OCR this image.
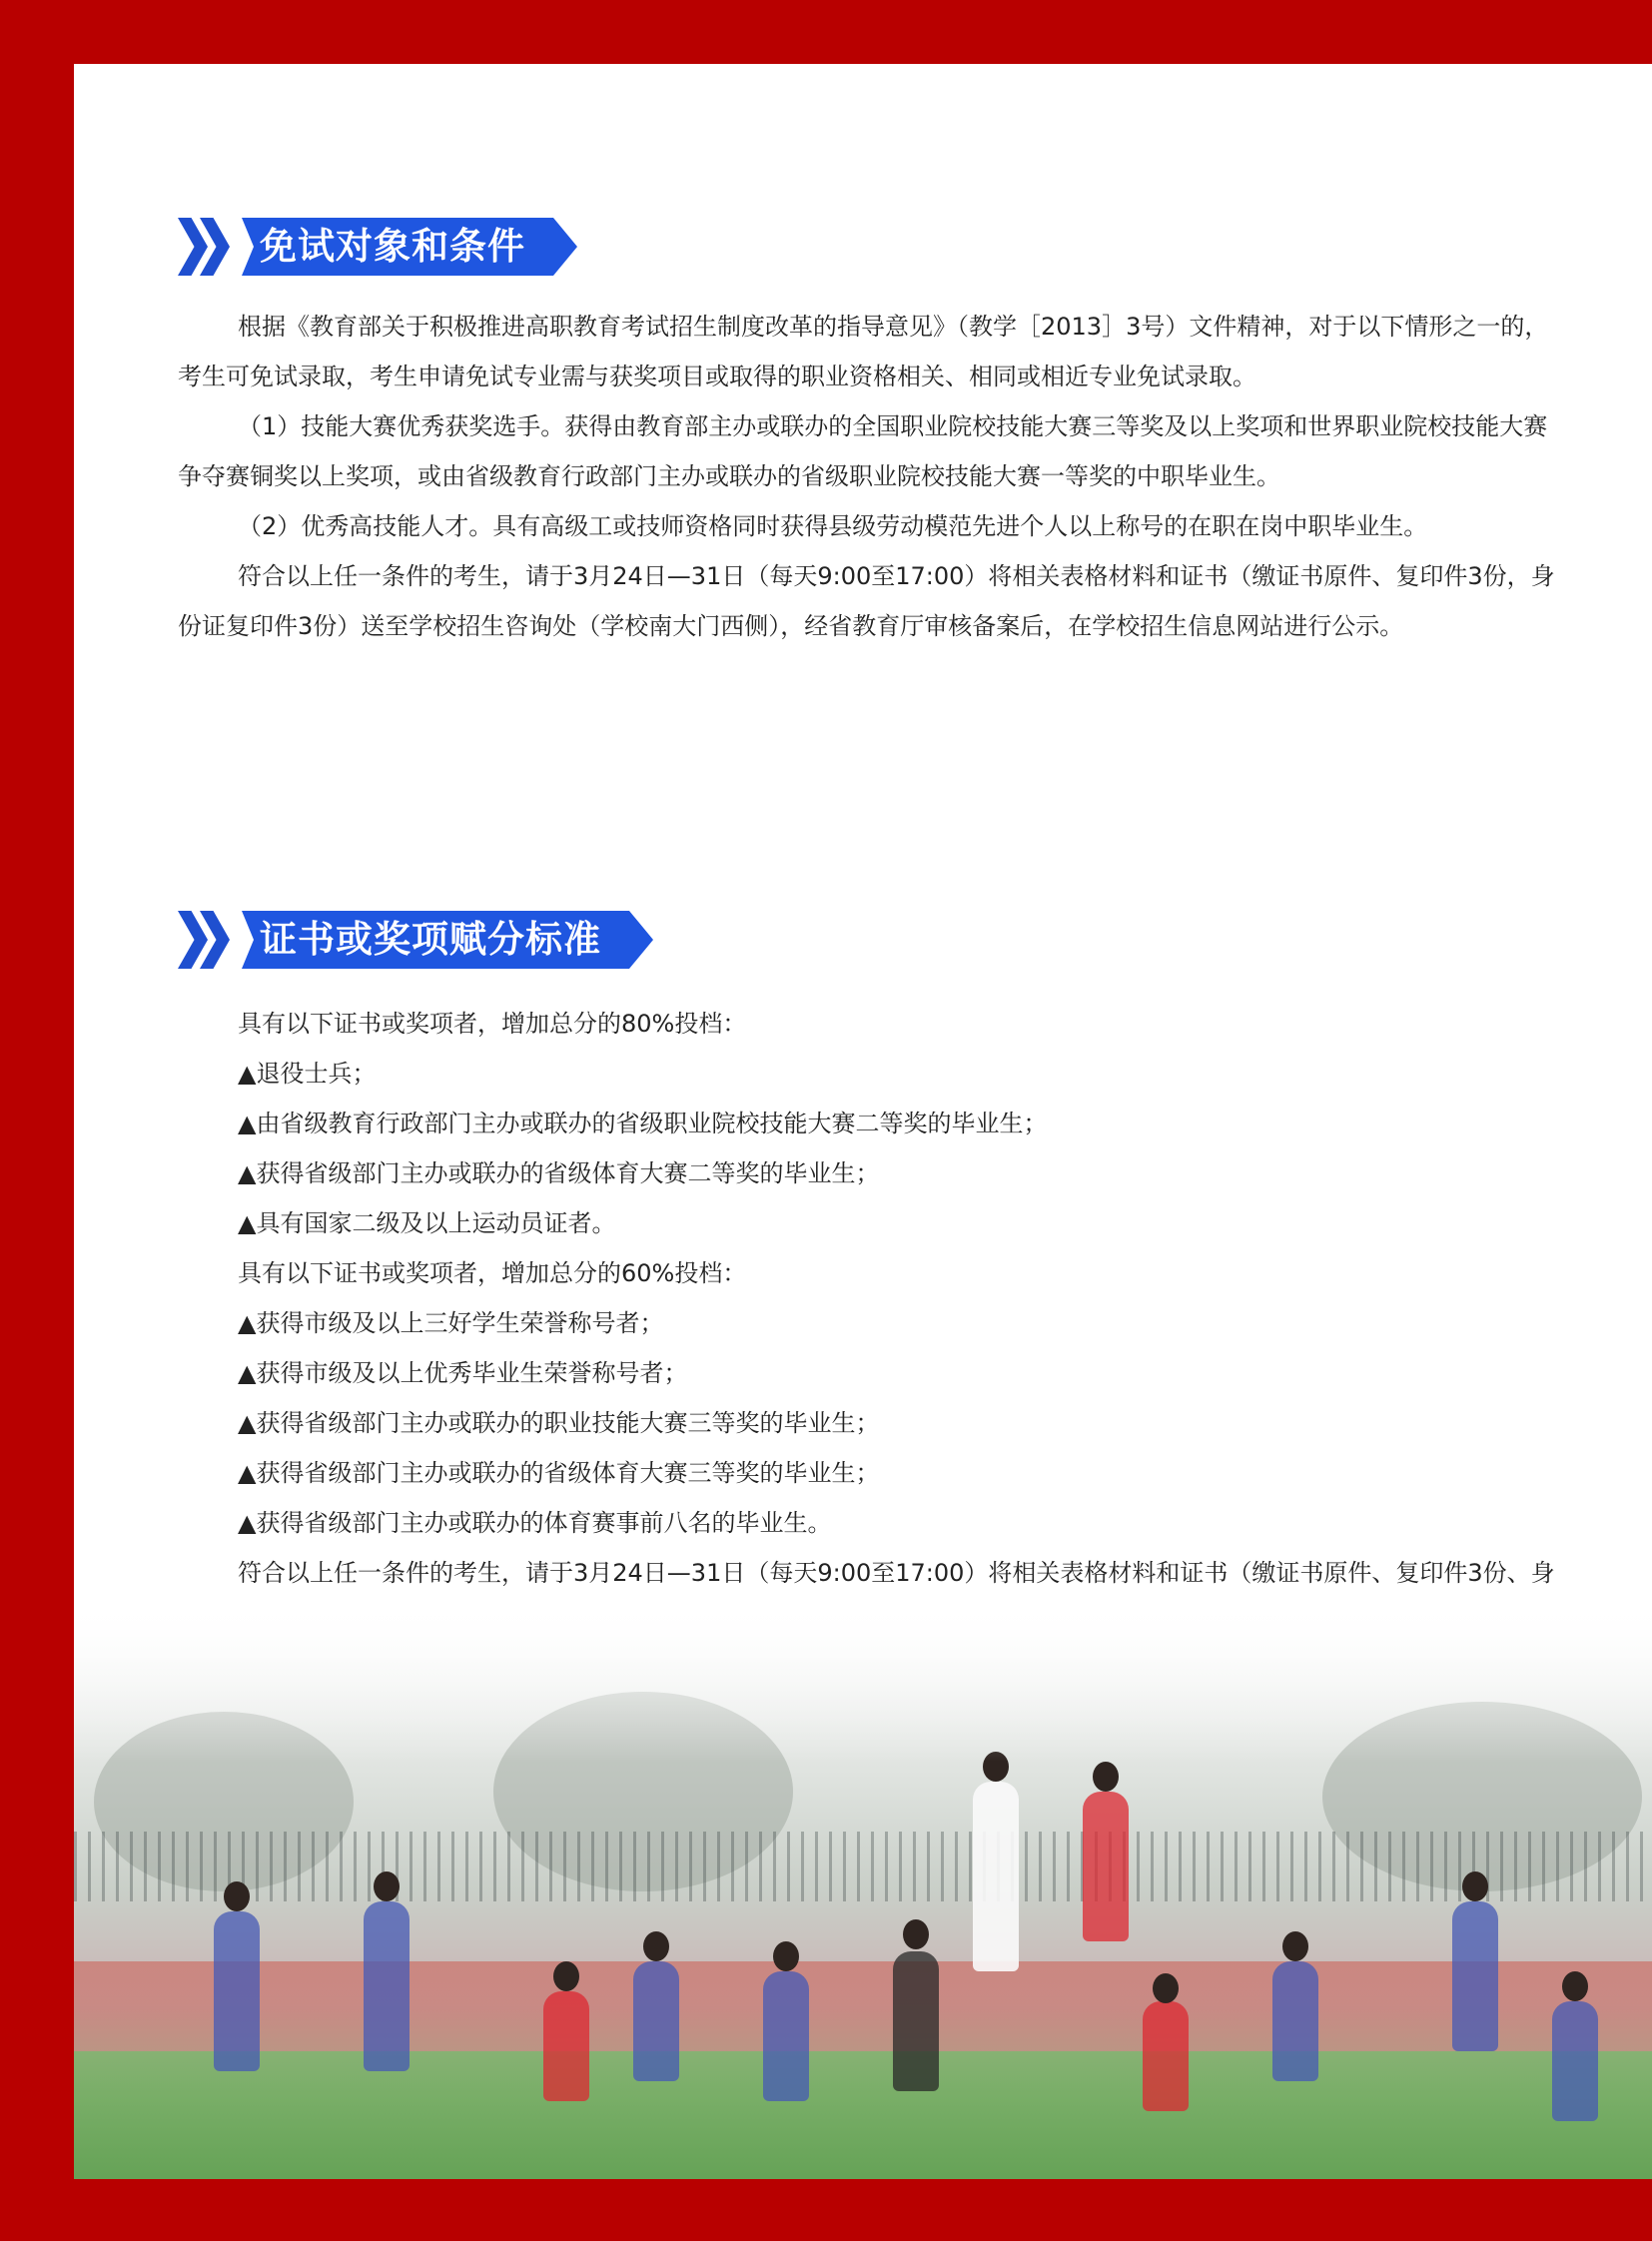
免试对象和条件

根据《教育部关于积极推进高职教育考试招生制度改革的指导意见》（教学［2013］3号）文件精神，对于以下情形之一的，考生可免试录取，考生申请免试专业需与获奖项目或取得的职业资格相关、相同或相近专业免试录取。

（1）技能大赛优秀获奖选手。获得由教育部主办或联办的全国职业院校技能大赛三等奖及以上奖项和世界职业院校技能大赛争夺赛铜奖以上奖项，或由省级教育行政部门主办或联办的省级职业院校技能大赛一等奖的中职毕业生。

（2）优秀高技能人才。具有高级工或技师资格同时获得县级劳动模范先进个人以上称号的在职在岗中职毕业生。

符合以上任一条件的考生，请于3月24日—31日（每天9:00至17:00）将相关表格材料和证书（缴证书原件、复印件3份，身份证复印件3份）送至学校招生咨询处（学校南大门西侧），经省教育厅审核备案后，在学校招生信息网站进行公示。

证书或奖项赋分标准

具有以下证书或奖项者，增加总分的80%投档：

▲退役士兵；

▲由省级教育行政部门主办或联办的省级职业院校技能大赛二等奖的毕业生；

▲获得省级部门主办或联办的省级体育大赛二等奖的毕业生；

▲具有国家二级及以上运动员证者。

具有以下证书或奖项者，增加总分的60%投档：

▲获得市级及以上三好学生荣誉称号者；

▲获得市级及以上优秀毕业生荣誉称号者；

▲获得省级部门主办或联办的职业技能大赛三等奖的毕业生；

▲获得省级部门主办或联办的省级体育大赛三等奖的毕业生；

▲获得省级部门主办或联办的体育赛事前八名的毕业生。

符合以上任一条件的考生，请于3月24日—31日（每天9:00至17:00）将相关表格材料和证书（缴证书原件、复印件3份、身
